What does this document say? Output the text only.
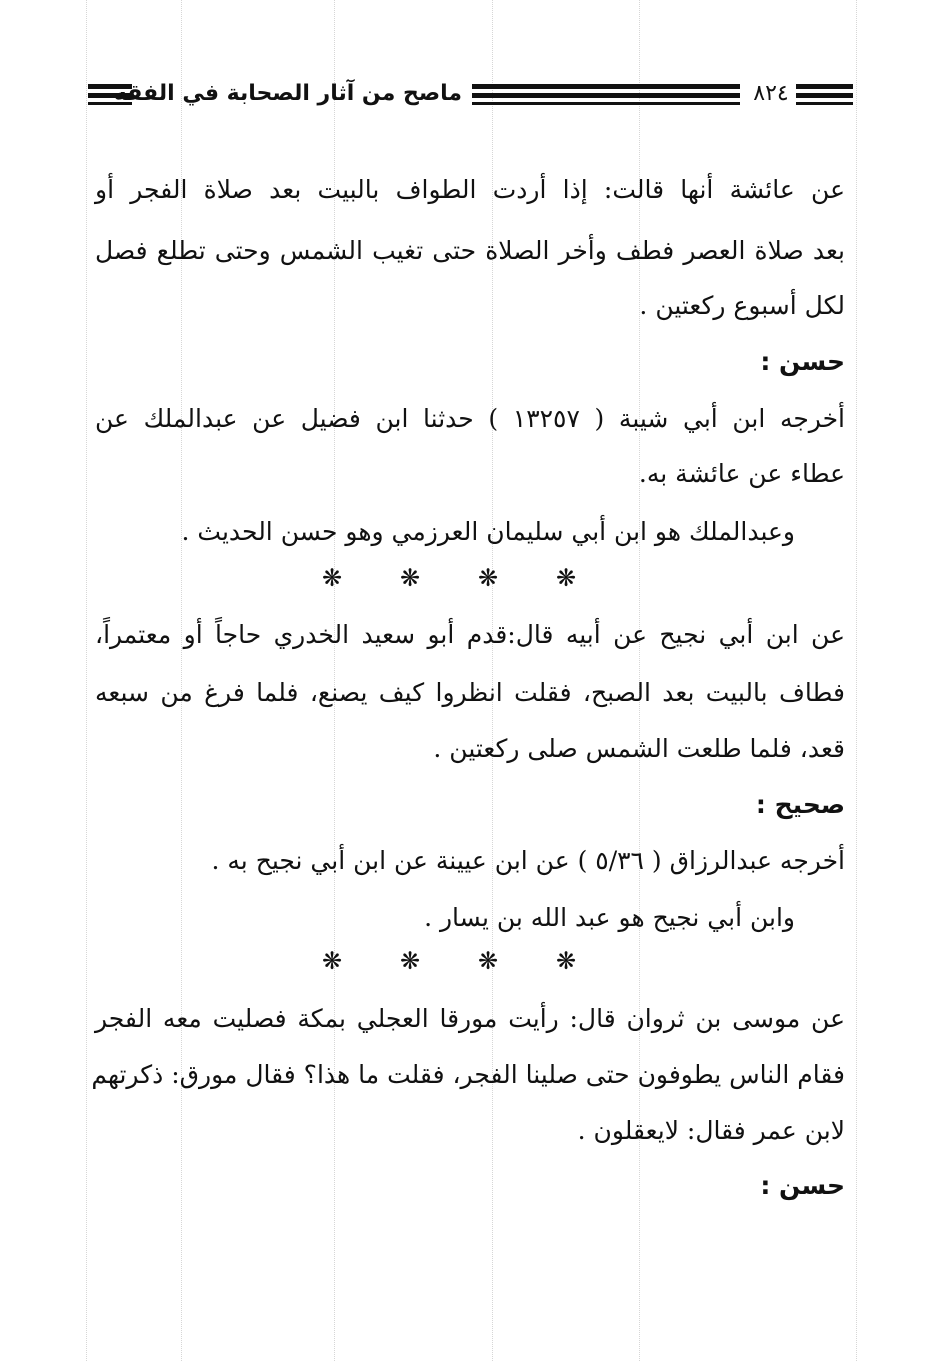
ماصح من آثار الصحابة في الفقه	٨٢٤
عن عائشة أنها قالت: إذا أردت الطواف بالبيت بعد صلاة الفجر أو
بعد صلاة العصر فطف وأخر الصلاة حتى تغيب الشمس وحتى تطلع فصل
لكل أسبوع ركعتين .
حسن :
أخرجه ابن أبي شيبة ( ١٣٢٥٧ ) حدثنا ابن فضيل عن عبدالملك عن
عطاء عن عائشة به.
وعبدالملك هو ابن أبي سليمان العرزمي وهو حسن الحديث .
❋ ❋ ❋ ❋
عن ابن أبي نجيح عن أبيه قال:قدم أبو سعيد الخدري حاجاً أو معتمراً،
فطاف بالبيت بعد الصبح، فقلت انظروا كيف يصنع، فلما فرغ من سبعه
قعد، فلما طلعت الشمس صلى ركعتين .
صحيح :
أخرجه عبدالرزاق ( ٥/٣٦ ) عن ابن عيينة عن ابن أبي نجيح به .
وابن أبي نجيح هو عبد الله بن يسار .
❋ ❋ ❋ ❋
عن موسى بن ثروان قال: رأيت مورقا العجلي بمكة فصليت معه الفجر
فقام الناس يطوفون حتى صلينا الفجر، فقلت ما هذا؟ فقال مورق: ذكرتهم
لابن عمر فقال: لايعقلون .
حسن :
